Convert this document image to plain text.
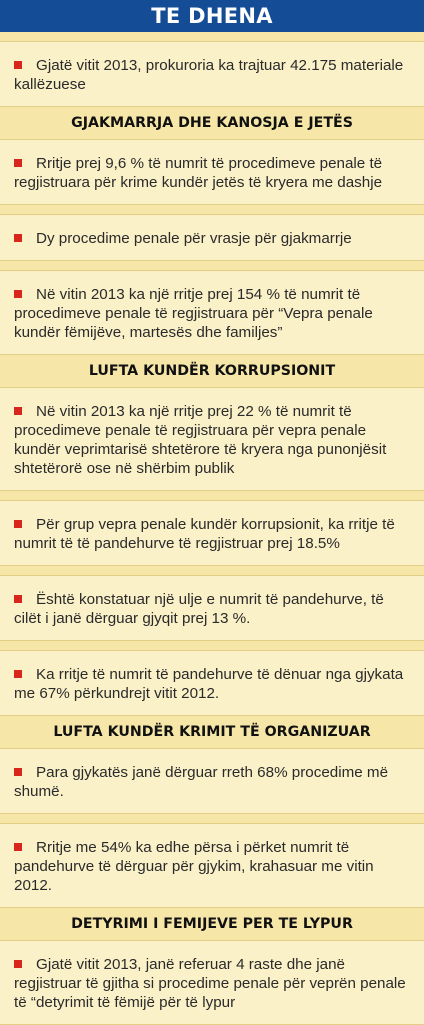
TE DHENA
Gjatë vitit 2013, prokuroria ka trajtuar 42.175 materiale kallëzuese
GJAKMARRJA DHE KANOSJA E JETËS
Rritje prej 9,6 % të numrit të procedimeve penale të regjistruara për krime kundër jetës të kryera me dashje
Dy procedime penale për vrasje për gjakmarrje
Në vitin 2013 ka një rritje prej 154 % të numrit të procedimeve penale të regjistruara për “Vepra penale kundër fëmijëve, martesës dhe familjes”
LUFTA KUNDËR KORRUPSIONIT
Në vitin 2013 ka një rritje prej 22 % të numrit të procedimeve penale të regjistruara për vepra penale kundër veprimtarisë shtetërore të kryera nga punonjësit shtetërorë ose në shërbim publik
Për grup vepra penale kundër korrupsionit, ka rritje të numrit të të pandehurve të regjistruar prej 18.5%
Është konstatuar një ulje e numrit të pandehurve, të cilët i janë dërguar gjyqit prej 13 %.
Ka rritje të numrit të pandehurve të dënuar nga gjykata me 67% përkundrejt vitit 2012.
LUFTA KUNDËR KRIMIT TË ORGANIZUAR
Para gjykatës janë dërguar rreth 68% procedime më shumë.
Rritje me 54% ka edhe përsa i përket numrit të pandehurve të dërguar për gjykim, krahasuar me vitin 2012.
DETYRIMI I FEMIJEVE PER TE LYPUR
Gjatë vitit 2013, janë referuar 4 raste dhe janë regjistruar të gjitha si procedime penale për veprën penale të “detyrimit të fëmijë për të lypur
